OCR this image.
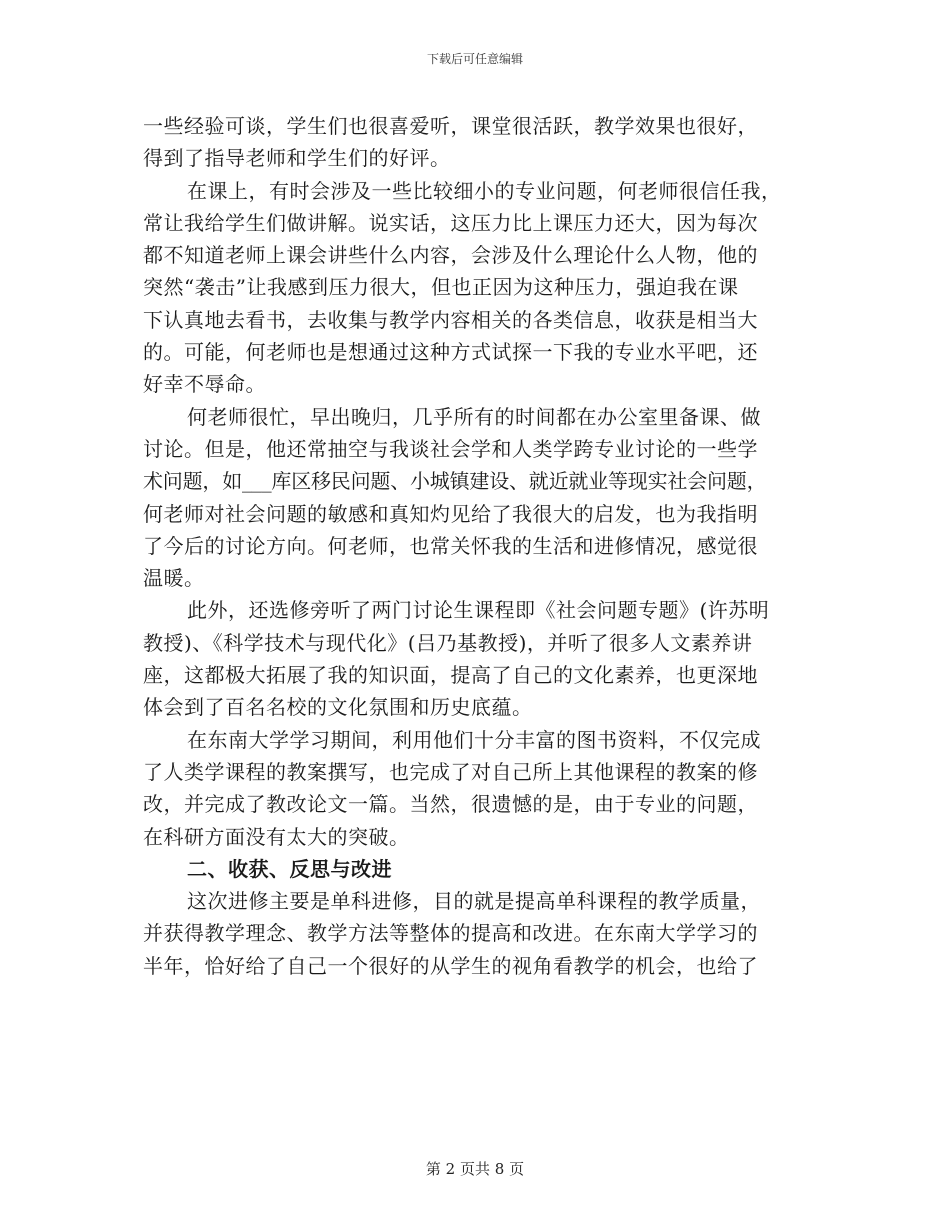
下载后可任意编辑
一些经验可谈，学生们也很喜爱听，课堂很活跃，教学效果也很好，
得到了指导老师和学生们的好评。
在课上，有时会涉及一些比较细小的专业问题，何老师很信任我，
常让我给学生们做讲解。说实话，这压力比上课压力还大，因为每次
都不知道老师上课会讲些什么内容，会涉及什么理论什么人物，他的
突然“袭击”让我感到压力很大，但也正因为这种压力，强迫我在课
下认真地去看书，去收集与教学内容相关的各类信息，收获是相当大
的。可能，何老师也是想通过这种方式试探一下我的专业水平吧，还
好幸不辱命。
何老师很忙，早出晚归，几乎所有的时间都在办公室里备课、做
讨论。但是，他还常抽空与我谈社会学和人类学跨专业讨论的一些学
术问题，如___库区移民问题、小城镇建设、就近就业等现实社会问题，
何老师对社会问题的敏感和真知灼见给了我很大的启发，也为我指明
了今后的讨论方向。何老师，也常关怀我的生活和进修情况，感觉很
温暖。
此外，还选修旁听了两门讨论生课程即《社会问题专题》(许苏明
教授)、《科学技术与现代化》(吕乃基教授)，并听了很多人文素养讲
座，这都极大拓展了我的知识面，提高了自己的文化素养，也更深地
体会到了百名名校的文化氛围和历史底蕴。
在东南大学学习期间，利用他们十分丰富的图书资料，不仅完成
了人类学课程的教案撰写，也完成了对自己所上其他课程的教案的修
改，并完成了教改论文一篇。当然，很遗憾的是，由于专业的问题，
在科研方面没有太大的突破。
二、收获、反思与改进
这次进修主要是单科进修，目的就是提高单科课程的教学质量，
并获得教学理念、教学方法等整体的提高和改进。在东南大学学习的
半年，恰好给了自己一个很好的从学生的视角看教学的机会，也给了
第 2 页共 8 页
